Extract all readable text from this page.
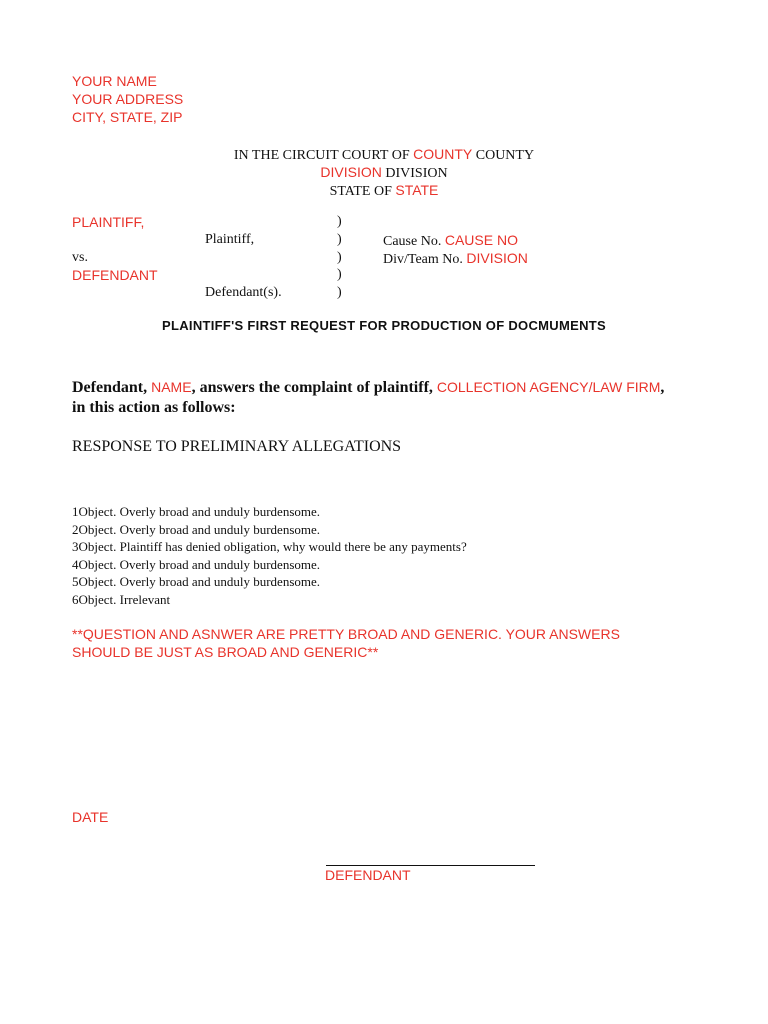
YOUR NAME
YOUR ADDRESS
CITY, STATE, ZIP
IN THE CIRCUIT COURT OF COUNTY COUNTY
DIVISION DIVISION
STATE OF STATE
PLAINTIFF,
Plaintiff,
vs.
DEFENDANT
Defendant(s).
)
)
)
)
)
Cause No. CAUSE NO
Div/Team No. DIVISION
PLAINTIFF'S FIRST REQUEST FOR PRODUCTION OF DOCMUMENTS
Defendant, NAME, answers the complaint of plaintiff, COLLECTION AGENCY/LAW FIRM,
in this action as follows:
RESPONSE TO PRELIMINARY ALLEGATIONS
1Object. Overly broad and unduly burdensome.
2Object. Overly broad and unduly burdensome.
3Object. Plaintiff has denied obligation, why would there be any payments?
4Object. Overly broad and unduly burdensome.
5Object. Overly broad and unduly burdensome.
6Object. Irrelevant
**QUESTION AND ASNWER ARE PRETTY BROAD AND GENERIC. YOUR ANSWERS
SHOULD BE JUST AS BROAD AND GENERIC**
DATE
DEFENDANT
